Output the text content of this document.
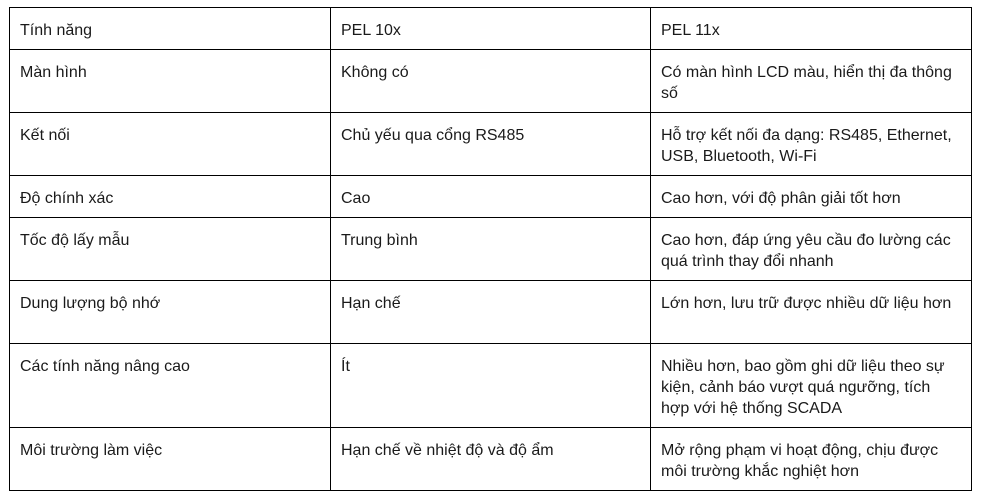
Tính năng	PEL 10x	PEL 11x
Màn hình	Không có	Có màn hình LCD màu, hiển thị đa thông số
Kết nối	Chủ yếu qua cổng RS485	Hỗ trợ kết nối đa dạng: RS485, Ethernet, USB, Bluetooth, Wi-Fi
Độ chính xác	Cao	Cao hơn, với độ phân giải tốt hơn
Tốc độ lấy mẫu	Trung bình	Cao hơn, đáp ứng yêu cầu đo lường các quá trình thay đổi nhanh
Dung lượng bộ nhớ	Hạn chế	Lớn hơn, lưu trữ được nhiều dữ liệu hơn
Các tính năng nâng cao	Ít	Nhiều hơn, bao gồm ghi dữ liệu theo sự kiện, cảnh báo vượt quá ngưỡng, tích hợp với hệ thống SCADA
Môi trường làm việc	Hạn chế về nhiệt độ và độ ẩm	Mở rộng phạm vi hoạt động, chịu được môi trường khắc nghiệt hơn
